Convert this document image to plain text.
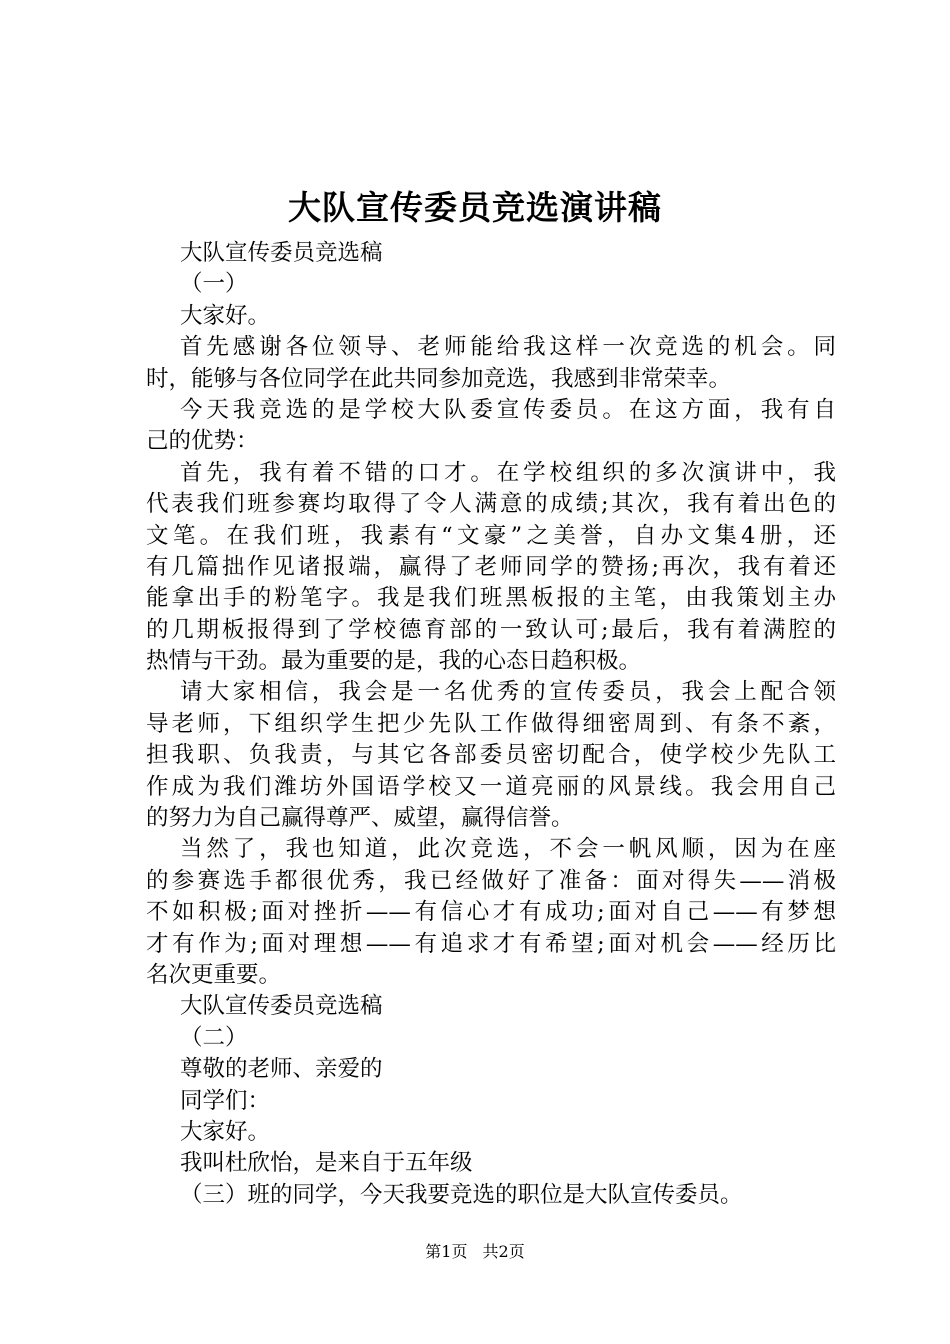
大队宣传委员竞选演讲稿
大队宣传委员竞选稿
（一）
大家好。
首先感谢各位领导、老师能给我这样一次竞选的机会。同
时，能够与各位同学在此共同参加竞选，我感到非常荣幸。
今天我竞选的是学校大队委宣传委员。在这方面，我有自
己的优势：
首先，我有着不错的口才。在学校组织的多次演讲中，我
代表我们班参赛均取得了令人满意的成绩;其次，我有着出色的
文笔。在我们班，我素有“文豪”之美誉，自办文集4册，还
有几篇拙作见诸报端，赢得了老师同学的赞扬;再次，我有着还
能拿出手的粉笔字。我是我们班黑板报的主笔，由我策划主办
的几期板报得到了学校德育部的一致认可;最后，我有着满腔的
热情与干劲。最为重要的是，我的心态日趋积极。
请大家相信，我会是一名优秀的宣传委员，我会上配合领
导老师，下组织学生把少先队工作做得细密周到、有条不紊，
担我职、负我责，与其它各部委员密切配合，使学校少先队工
作成为我们潍坊外国语学校又一道亮丽的风景线。我会用自己
的努力为自己赢得尊严、威望，赢得信誉。
当然了，我也知道，此次竞选，不会一帆风顺，因为在座
的参赛选手都很优秀，我已经做好了准备：面对得失——消极
不如积极;面对挫折——有信心才有成功;面对自己——有梦想
才有作为;面对理想——有追求才有希望;面对机会——经历比
名次更重要。
大队宣传委员竞选稿
（二）
尊敬的老师、亲爱的
同学们：
大家好。
我叫杜欣怡，是来自于五年级
（三）班的同学，今天我要竞选的职位是大队宣传委员。
第1页 共2页
